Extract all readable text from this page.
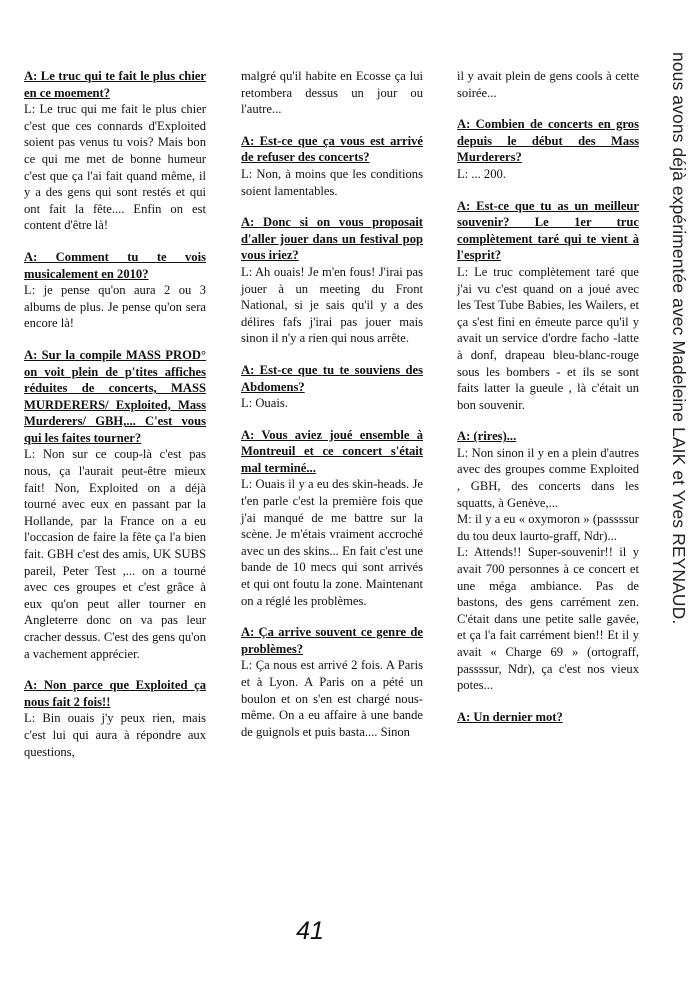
A: Le truc qui te fait le plus chier en ce moement?

L: Le truc qui me fait le plus chier c'est que ces connards d'Exploited soient pas venus tu vois? Mais bon ce qui me met de bonne humeur c'est que ça l'ai fait quand même, il y a des gens qui sont restés et qui ont fait la fête.... Enfin on est content d'être là!

A: Comment tu te vois musicalement en 2010?

L: je pense qu'on aura 2 ou 3 albums de plus. Je pense qu'on sera encore là!

A: Sur la compile MASS PROD° on voit plein de p'tites affiches réduites de concerts, MASS MURDERERS/ Exploited, Mass Murderers/ GBH,... C'est vous qui les faites tourner?

L: Non sur ce coup-là c'est pas nous, ça l'aurait peut-être mieux fait! Non, Exploited on a déjà tourné avec eux en passant par la Hollande, par la France on a eu l'occasion de faire la fête ça l'a bien fait. GBH c'est des amis, UK SUBS pareil, Peter Test ,... on a tourné avec ces groupes et c'est grâce à eux qu'on peut aller tourner en Angleterre donc on va pas leur cracher dessus. C'est des gens qu'on a vachement apprécier.

A: Non parce que Exploited ça nous fait 2 fois!!

L: Bin ouais j'y peux rien, mais c'est lui qui aura à répondre aux questions,

malgré qu'il habite en Ecosse ça lui retombera dessus un jour ou l'autre...

A: Est-ce que ça vous est arrivé de refuser des concerts?

L: Non, à moins que les conditions soient lamentables.

A: Donc si on vous proposait d'aller jouer dans un festival pop vous iriez?

L: Ah ouais! Je m'en fous! J'irai pas jouer à un meeting du Front National, si je sais qu'il y a des délires fafs j'irai pas jouer mais sinon il n'y a rien qui nous arrête.

A: Est-ce que tu te souviens des Abdomens?

L: Ouais.

A: Vous aviez joué ensemble à Montreuil et ce concert s'était mal terminé...

L: Ouais il y a eu des skin-heads. Je t'en parle c'est la première fois que j'ai manqué de me battre sur la scène. Je m'étais vraiment accroché avec un des skins... En fait c'est une bande de 10 mecs qui sont arrivés et qui ont foutu la zone. Maintenant on a réglé les problèmes.

A: Ça arrive souvent ce genre de problèmes?

L: Ça nous est arrivé 2 fois. A Paris et à Lyon. A Paris on a pété un boulon et on s'en est chargé nous-même. On a eu affaire à une bande de guignols et puis basta.... Sinon

il y avait plein de gens cools à cette soirée...

A: Combien de concerts en gros depuis le début des Mass Murderers?

L: ... 200.

A: Est-ce que tu as un meilleur souvenir? Le 1er truc complètement taré qui te vient à l'esprit?

L: Le truc complètement taré que j'ai vu c'est quand on a joué avec les Test Tube Babies, les Wailers, et ça s'est fini en émeute parce qu'il y avait un service d'ordre facho -latte à donf, drapeau bleu-blanc-rouge sous les bombers - et ils se sont faits latter la gueule , là c'était un bon souvenir.

A: (rires)...

L: Non sinon il y en a plein d'autres avec des groupes comme Exploited , GBH, des concerts dans les squatts, à Genève,...

M: il y a eu « oxymoron » (passssur du tou deux laurto-graff, Ndr)...

L: Attends!! Super-souvenir!! il y avait 700 personnes à ce concert et une méga ambiance. Pas de bastons, des gens carrément zen. C'était dans une petite salle gavée, et ça l'a fait carrément bien!! Et il y avait « Charge 69 » (ortograff, passssur, Ndr), ça c'est nos vieux potes...

A: Un dernier mot?

nous avons déjà expérimentée avec Madeleine LAIK et Yves REYNAUD.
41
